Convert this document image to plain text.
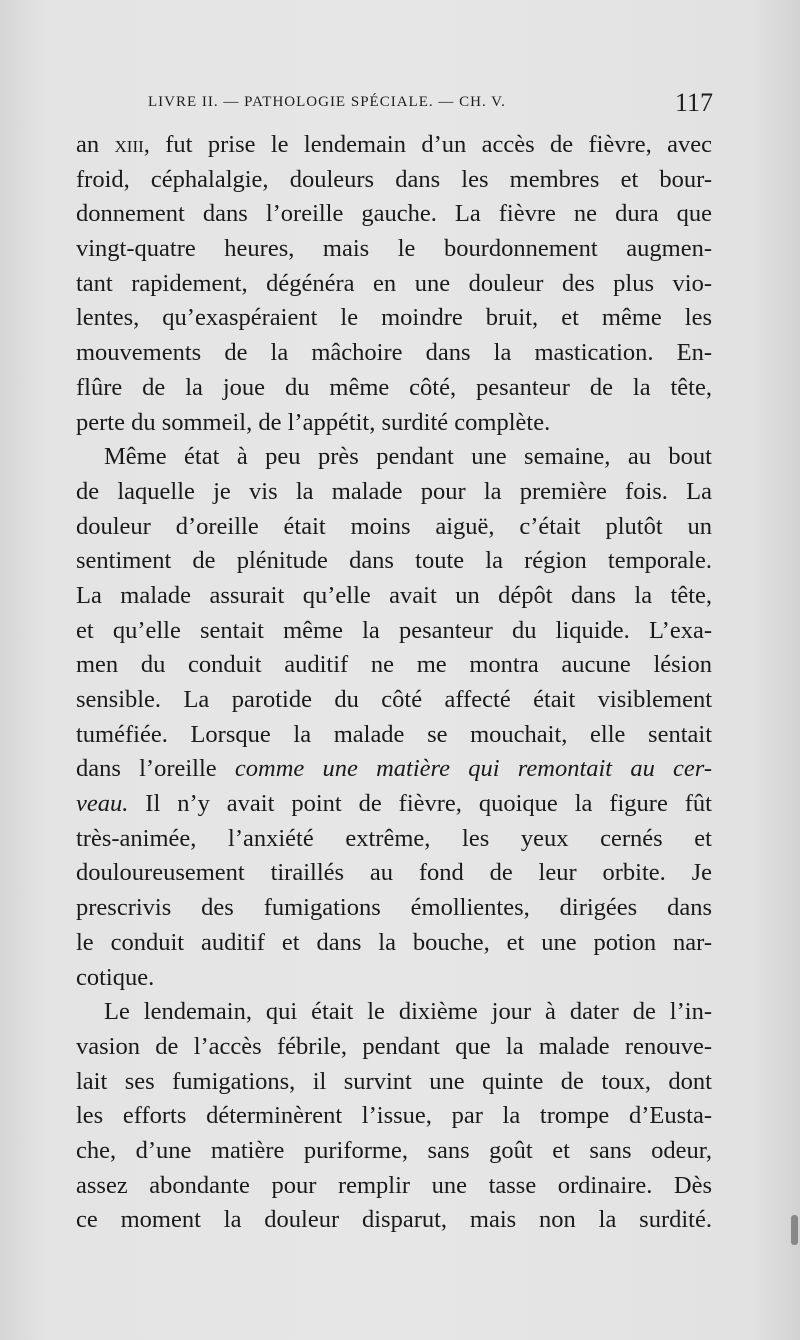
LIVRE II. — PATHOLOGIE SPÉCIALE. — CH. V.	117
an xiii, fut prise le lendemain d’un accès de fièvre, avec
froid, céphalalgie, douleurs dans les membres et bour-
donnement dans l’oreille gauche. La fièvre ne dura que
vingt-quatre heures, mais le bourdonnement augmen-
tant rapidement, dégénéra en une douleur des plus vio-
lentes, qu’exaspéraient le moindre bruit, et même les
mouvements de la mâchoire dans la mastication. En-
flûre de la joue du même côté, pesanteur de la tête,
perte du sommeil, de l’appétit, surdité complète.
Même état à peu près pendant une semaine, au bout
de laquelle je vis la malade pour la première fois. La
douleur d’oreille était moins aiguë, c’était plutôt un
sentiment de plénitude dans toute la région temporale.
La malade assurait qu’elle avait un dépôt dans la tête,
et qu’elle sentait même la pesanteur du liquide. L’exa-
men du conduit auditif ne me montra aucune lésion
sensible. La parotide du côté affecté était visiblement
tuméfiée. Lorsque la malade se mouchait, elle sentait
dans l’oreille comme une matière qui remontait au cer-
veau. Il n’y avait point de fièvre, quoique la figure fût
très-animée, l’anxiété extrême, les yeux cernés et
douloureusement tiraillés au fond de leur orbite. Je
prescrivis des fumigations émollientes, dirigées dans
le conduit auditif et dans la bouche, et une potion nar-
cotique.
Le lendemain, qui était le dixième jour à dater de l’in-
vasion de l’accès fébrile, pendant que la malade renouve-
lait ses fumigations, il survint une quinte de toux, dont
les efforts déterminèrent l’issue, par la trompe d’Eusta-
che, d’une matière puriforme, sans goût et sans odeur,
assez abondante pour remplir une tasse ordinaire. Dès
ce moment la douleur disparut, mais non la surdité.
